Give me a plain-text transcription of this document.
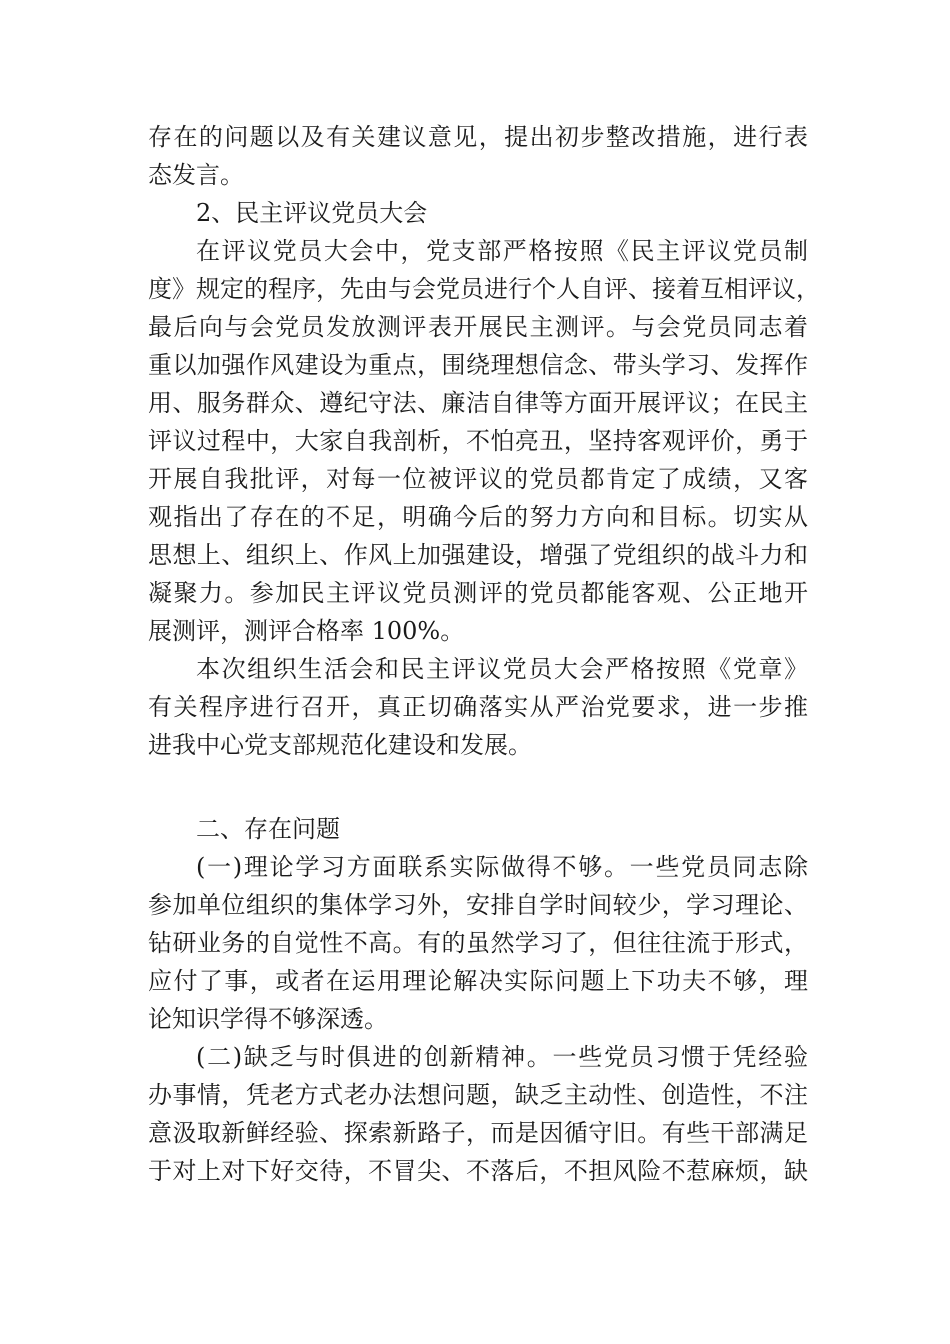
存在的问题以及有关建议意见，提出初步整改措施，进行表
态发言。
2、民主评议党员大会
在评议党员大会中，党支部严格按照《民主评议党员制
度》规定的程序，先由与会党员进行个人自评、接着互相评议，
最后向与会党员发放测评表开展民主测评。与会党员同志着
重以加强作风建设为重点，围绕理想信念、带头学习、发挥作
用、服务群众、遵纪守法、廉洁自律等方面开展评议；在民主
评议过程中，大家自我剖析，不怕亮丑，坚持客观评价，勇于
开展自我批评，对每一位被评议的党员都肯定了成绩，又客
观指出了存在的不足，明确今后的努力方向和目标。切实从
思想上、组织上、作风上加强建设，增强了党组织的战斗力和
凝聚力。参加民主评议党员测评的党员都能客观、公正地开
展测评，测评合格率 100%。
本次组织生活会和民主评议党员大会严格按照《党章》
有关程序进行召开，真正切确落实从严治党要求，进一步推
进我中心党支部规范化建设和发展。
二、存在问题
(一)理论学习方面联系实际做得不够。一些党员同志除
参加单位组织的集体学习外，安排自学时间较少，学习理论、
钻研业务的自觉性不高。有的虽然学习了，但往往流于形式，
应付了事，或者在运用理论解决实际问题上下功夫不够，理
论知识学得不够深透。
(二)缺乏与时俱进的创新精神。一些党员习惯于凭经验
办事情，凭老方式老办法想问题，缺乏主动性、创造性，不注
意汲取新鲜经验、探索新路子，而是因循守旧。有些干部满足
于对上对下好交待，不冒尖、不落后，不担风险不惹麻烦，缺
